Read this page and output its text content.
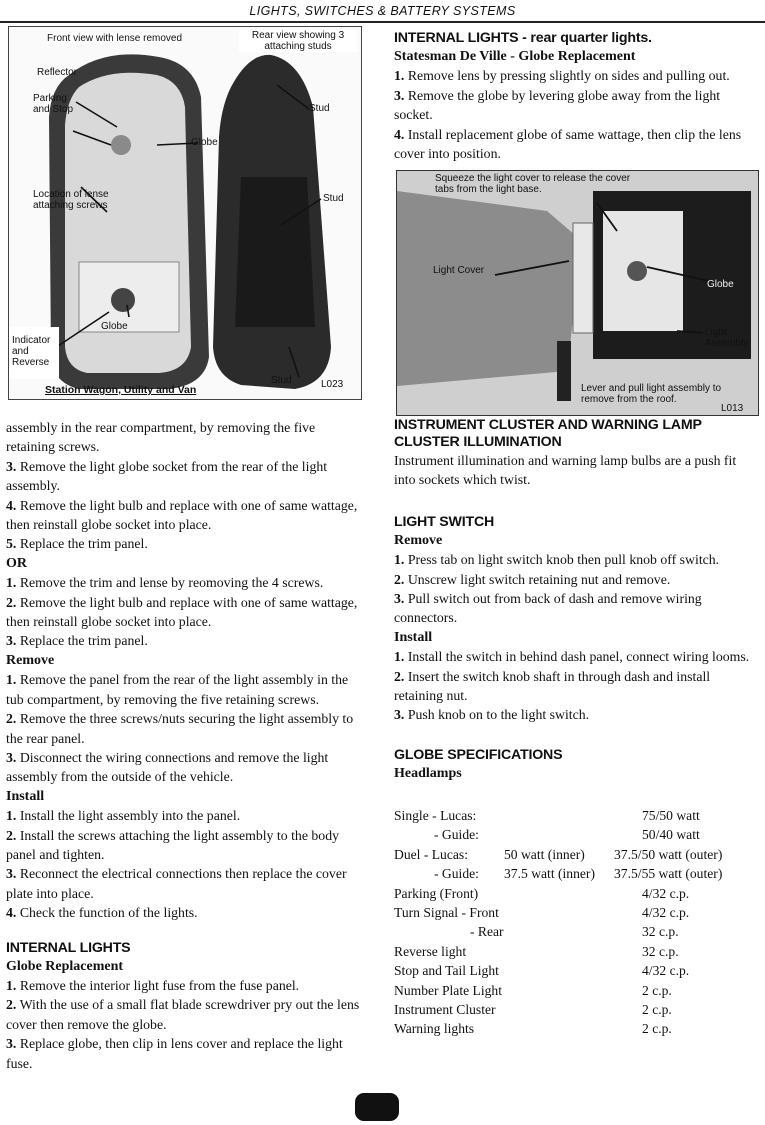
LIGHTS, SWITCHES & BATTERY SYSTEMS
Front view with lense removed	Rear view showing 3 attaching studs
Reflector
Parking and Stop
Globe
Stud
Stud
Location of lense attaching screws
Globe
Indicator and Reverse
Stud
Station Wagon, Utility and Van	L023
Squeeze the light cover to release the cover tabs from the light base.
Light Cover
Globe
Light Assembly
Lever and pull light assembly to remove from the roof.
L013

assembly in the rear compartment, by removing the five retaining screws.

3. Remove the light globe socket from the rear of the light assembly.

4. Remove the light bulb and replace with one of same wattage, then reinstall globe socket into place.

5. Replace the trim panel.

OR

1. Remove the trim and lense by reomoving the 4 screws.

2. Remove the light bulb and replace with one of same wattage, then reinstall globe socket into place.

3. Replace the trim panel.

Remove

1. Remove the panel from the rear of the light assembly in the tub compartment, by removing the five retaining screws.

2. Remove the three screws/nuts securing the light assembly to the rear panel.

3. Disconnect the wiring connections and remove the light assembly from the outside of the vehicle.

Install

1. Install the light assembly into the panel.

2. Install the screws attaching the light assembly to the body panel and tighten.

3. Reconnect the electrical connections then replace the cover plate into place.

4. Check the function of the lights.

INTERNAL LIGHTS

Globe Replacement

1. Remove the interior light fuse from the fuse panel.

2. With the use of a small flat blade screwdriver pry out the lens cover then remove the globe.

3. Replace globe, then clip in lens cover and replace the light fuse.

INTERNAL LIGHTS - rear quarter lights.

Statesman De Ville - Globe Replacement

1. Remove lens by pressing slightly on sides and pulling out.

3. Remove the globe by levering globe away from the light socket.

4. Install replacement globe of same wattage, then clip the lens cover into position.

INSTRUMENT CLUSTER AND WARNING LAMP CLUSTER ILLUMINATION

Instrument illumination and warning lamp bulbs are a push fit into sockets which twist.

LIGHT SWITCH

Remove

1. Press tab on light switch knob then pull knob off switch.

2. Unscrew light switch retaining nut and remove.

3. Pull switch out from back of dash and remove wiring connectors.

Install

1. Install the switch in behind dash panel, connect wiring looms.

2. Insert the switch knob shaft in through dash and install retaining nut.

3. Push knob on to the light switch.

GLOBE SPECIFICATIONS

Headlamps

Single - Lucas:	75/50 watt
- Guide:	50/40 watt
Duel - Lucas:	50 watt (inner) 37.5/50 watt (outer)
- Guide: 37.5 watt (inner) 37.5/55 watt (outer)
Parking (Front)	4/32 c.p.
Turn Signal - Front	4/32 c.p.
- Rear	32 c.p.
Reverse light	32 c.p.
Stop and Tail Light	4/32 c.p.
Number Plate Light	2 c.p.
Instrument Cluster	2 c.p.
Warning lights	2 c.p.
